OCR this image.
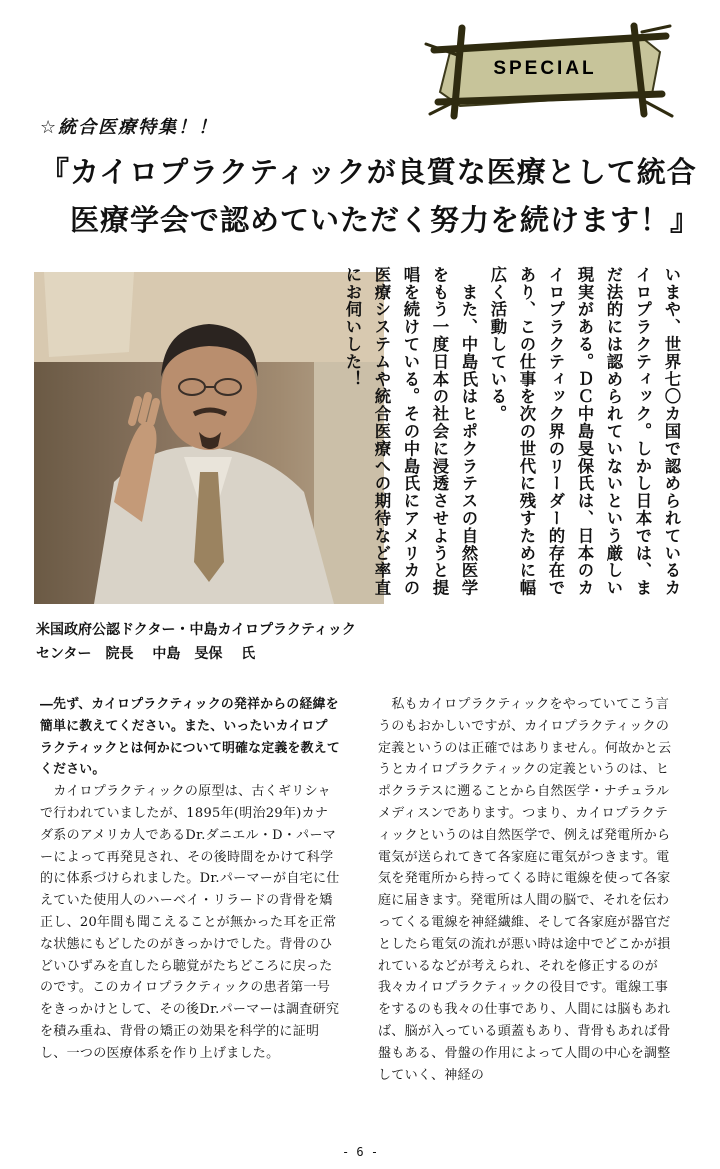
SPECIAL
☆統合医療特集！！
『カイロプラクティックが良質な医療として統合
医療学会で認めていただく努力を続けます！』
米国政府公認ドクター・中島カイロプラクティック
センター　院長　 中島　旻保　 氏

いまや、世界七〇カ国で認められているカイロプラクティック。しかし日本では、まだ法的には認められていないという厳しい現実がある。ＤＣ中島旻保氏は、日本のカイロプラクティック界のリーダー的存在であり、この仕事を次の世代に残すために幅広く活動している。

　また、中島氏はヒポクラテスの自然医学をもう一度日本の社会に浸透させようと提唱を続けている。その中島氏にアメリカの医療システムや統合医療への期待など率直にお伺いした！

―先ず、カイロプラクティックの発祥からの経緯を簡単に教えてください。また、いったいカイロプラクティックとは何かについて明確な定義を教えてください。

　カイロプラクティックの原型は、古くギリシャで行われていましたが、1895年(明治29年)カナダ系のアメリカ人であるDr.ダニエル・D・パーマーによって再発見され、その後時間をかけて科学的に体系づけられました。Dr.パーマーが自宅に仕えていた使用人のハーベイ・リラードの背骨を矯正し、20年間も聞こえることが無かった耳を正常な状態にもどしたのがきっかけでした。背骨のひどいひずみを直したら聴覚がたちどころに戻ったのです。このカイロプラクティックの患者第一号をきっかけとして、その後Dr.パーマーは調査研究を積み重ね、背骨の矯正の効果を科学的に証明し、一つの医療体系を作り上げました。

　私もカイロプラクティックをやっていてこう言うのもおかしいですが、カイロプラクティックの定義というのは正確ではありません。何故かと云うとカイロプラクティックの定義というのは、ヒポクラテスに遡ることから自然医学・ナチュラルメディスンであります。つまり、カイロプラクティックというのは自然医学で、例えば発電所から電気が送られてきて各家庭に電気がつきます。電気を発電所から持ってくる時に電線を使って各家庭に届きます。発電所は人間の脳で、それを伝わってくる電線を神経繊維、そして各家庭が器官だとしたら電気の流れが悪い時は途中でどこかが損れているなどが考えられ、それを修正するのが我々カイロプラクティックの役目です。電線工事をするのも我々の仕事であり、人間には脳もあれば、脳が入っている頭蓋もあり、背骨もあれば骨盤もある、骨盤の作用によって人間の中心を調整していく、神経の

- 6 -
